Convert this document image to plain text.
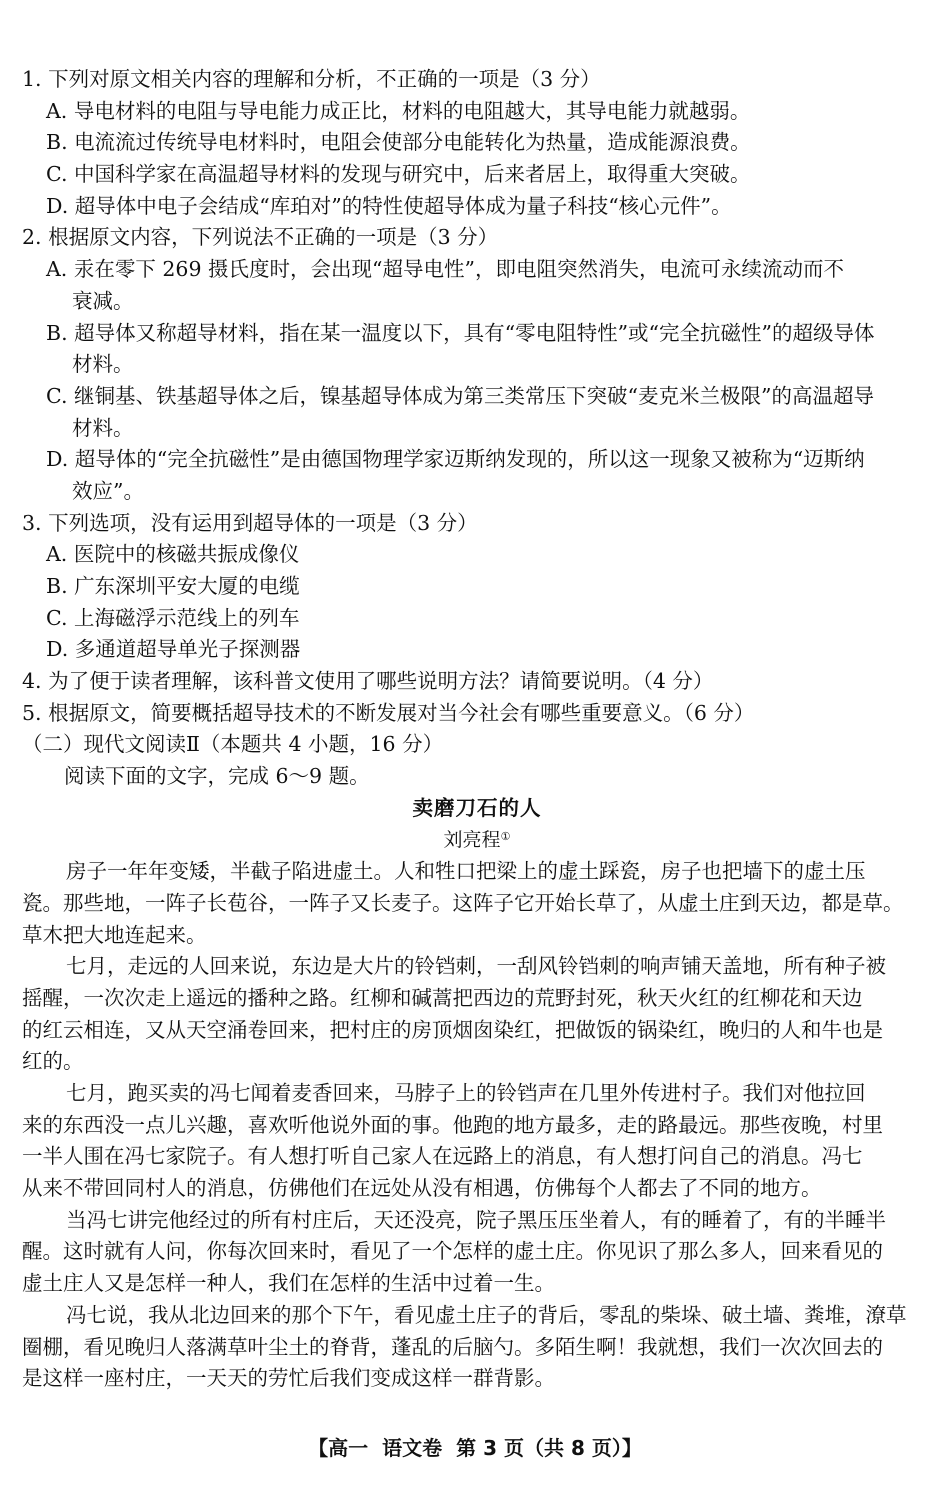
1. 下列对原文相关内容的理解和分析，不正确的一项是（3 分）
A. 导电材料的电阻与导电能力成正比，材料的电阻越大，其导电能力就越弱。
B. 电流流过传统导电材料时，电阻会使部分电能转化为热量，造成能源浪费。
C. 中国科学家在高温超导材料的发现与研究中，后来者居上，取得重大突破。
D. 超导体中电子会结成“库珀对”的特性使超导体成为量子科技“核心元件”。
2. 根据原文内容，下列说法不正确的一项是（3 分）
A. 汞在零下 269 摄氏度时，会出现“超导电性”，即电阻突然消失，电流可永续流动而不
衰减。
B. 超导体又称超导材料，指在某一温度以下，具有“零电阻特性”或“完全抗磁性”的超级导体
材料。
C. 继铜基、铁基超导体之后，镍基超导体成为第三类常压下突破“麦克米兰极限”的高温超导
材料。
D. 超导体的“完全抗磁性”是由德国物理学家迈斯纳发现的，所以这一现象又被称为“迈斯纳
效应”。
3. 下列选项，没有运用到超导体的一项是（3 分）
A. 医院中的核磁共振成像仪
B. 广东深圳平安大厦的电缆
C. 上海磁浮示范线上的列车
D. 多通道超导单光子探测器
4. 为了便于读者理解，该科普文使用了哪些说明方法？请简要说明。（4 分）
5. 根据原文，简要概括超导技术的不断发展对当今社会有哪些重要意义。（6 分）
（二）现代文阅读Ⅱ（本题共 4 小题，16 分）
阅读下面的文字，完成 6～9 题。
卖磨刀石的人
刘亮程①
房子一年年变矮，半截子陷进虚土。人和牲口把梁上的虚土踩瓷，房子也把墙下的虚土压
瓷。那些地，一阵子长苞谷，一阵子又长麦子。这阵子它开始长草了，从虚土庄到天边，都是草。
草木把大地连起来。
七月，走远的人回来说，东边是大片的铃铛刺，一刮风铃铛刺的响声铺天盖地，所有种子被
摇醒，一次次走上遥远的播种之路。红柳和碱蒿把西边的荒野封死，秋天火红的红柳花和天边
的红云相连，又从天空涌卷回来，把村庄的房顶烟囱染红，把做饭的锅染红，晚归的人和牛也是
红的。
七月，跑买卖的冯七闻着麦香回来，马脖子上的铃铛声在几里外传进村子。我们对他拉回
来的东西没一点儿兴趣，喜欢听他说外面的事。他跑的地方最多，走的路最远。那些夜晚，村里
一半人围在冯七家院子。有人想打听自己家人在远路上的消息，有人想打问自己的消息。冯七
从来不带回同村人的消息，仿佛他们在远处从没有相遇，仿佛每个人都去了不同的地方。
当冯七讲完他经过的所有村庄后，天还没亮，院子黑压压坐着人，有的睡着了，有的半睡半
醒。这时就有人问，你每次回来时，看见了一个怎样的虚土庄。你见识了那么多人，回来看见的
虚土庄人又是怎样一种人，我们在怎样的生活中过着一生。
冯七说，我从北边回来的那个下午，看见虚土庄子的背后，零乱的柴垛、破土墙、粪堆，潦草
圈棚，看见晚归人落满草叶尘土的脊背，蓬乱的后脑勺。多陌生啊！我就想，我们一次次回去的
是这样一座村庄，一天天的劳忙后我们变成这样一群背影。
【高一 语文卷 第 3 页（共 8 页）】
